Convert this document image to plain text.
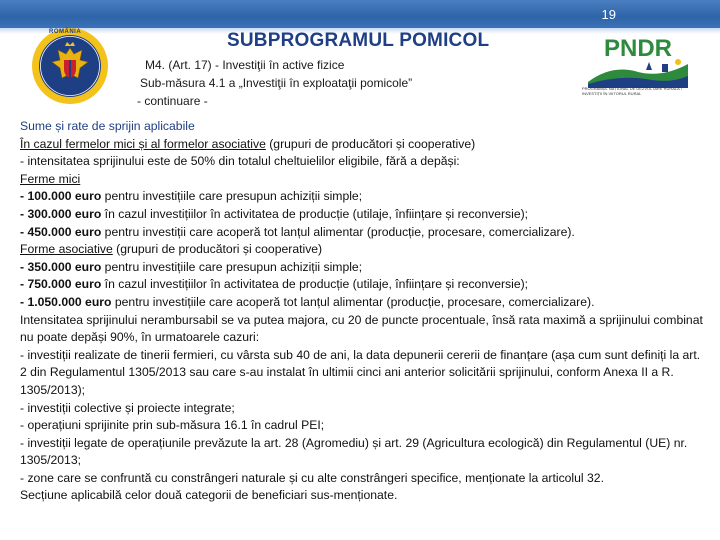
19
ROMÂNIA	SUBPROGRAMUL POMICOL
M4. (Art. 17) - Investiţii în active fizice
Sub-măsura 4.1 a „Investiţii în exploataţii pomicole”
- continuare -
PNDR
PROGRAMUL NAȚIONAL DE DEZVOLTARE RURALĂ / INVESTIȚII ÎN VIITORUL RURAL

Sume și rate de sprijin aplicabile

În cazul fermelor mici și al formelor asociative (grupuri de producători și cooperative)

- intensitatea sprijinului este de 50% din totalul cheltuielilor eligibile, fără a depăși:

Ferme mici

- 100.000 euro pentru investițiile care presupun achiziții simple;

- 300.000 euro în cazul investițiilor în activitatea de producție (utilaje, înființare și reconversie);

- 450.000 euro pentru investiții care acoperă tot lanțul alimentar (producție, procesare, comercializare).

Forme asociative (grupuri de producători și cooperative)

- 350.000 euro pentru investițiile care presupun achiziții simple;

- 750.000 euro în cazul investițiilor în activitatea de producție (utilaje, înființare și reconversie);

- 1.050.000 euro pentru investițiile care acoperă tot lanțul alimentar (producție, procesare, comercializare).

Intensitatea sprijinului nerambursabil se va putea majora, cu 20 de puncte procentuale, însă rata maximă a sprijinului combinat nu poate depăși 90%, în urmatoarele cazuri:

- investiții realizate de tinerii fermieri, cu vârsta sub 40 de ani, la data depunerii cererii de finanțare (așa cum sunt definiți la art. 2 din Regulamentul 1305/2013 sau care s-au instalat în ultimii cinci ani anterior solicitării sprijinului, conform Anexa II a R. 1305/2013);

- investiții colective și proiecte integrate;

- operațiuni sprijinite prin sub-măsura 16.1 în cadrul PEI;

- investiții legate de operațiunile prevăzute la art. 28 (Agromediu) și art. 29 (Agricultura ecologică) din Regulamentul (UE) nr. 1305/2013;

- zone care se confruntă cu constrângeri naturale și cu alte constrângeri specifice, menționate la articolul 32.

Secțiune aplicabilă celor două categorii de beneficiari sus-menționate.
